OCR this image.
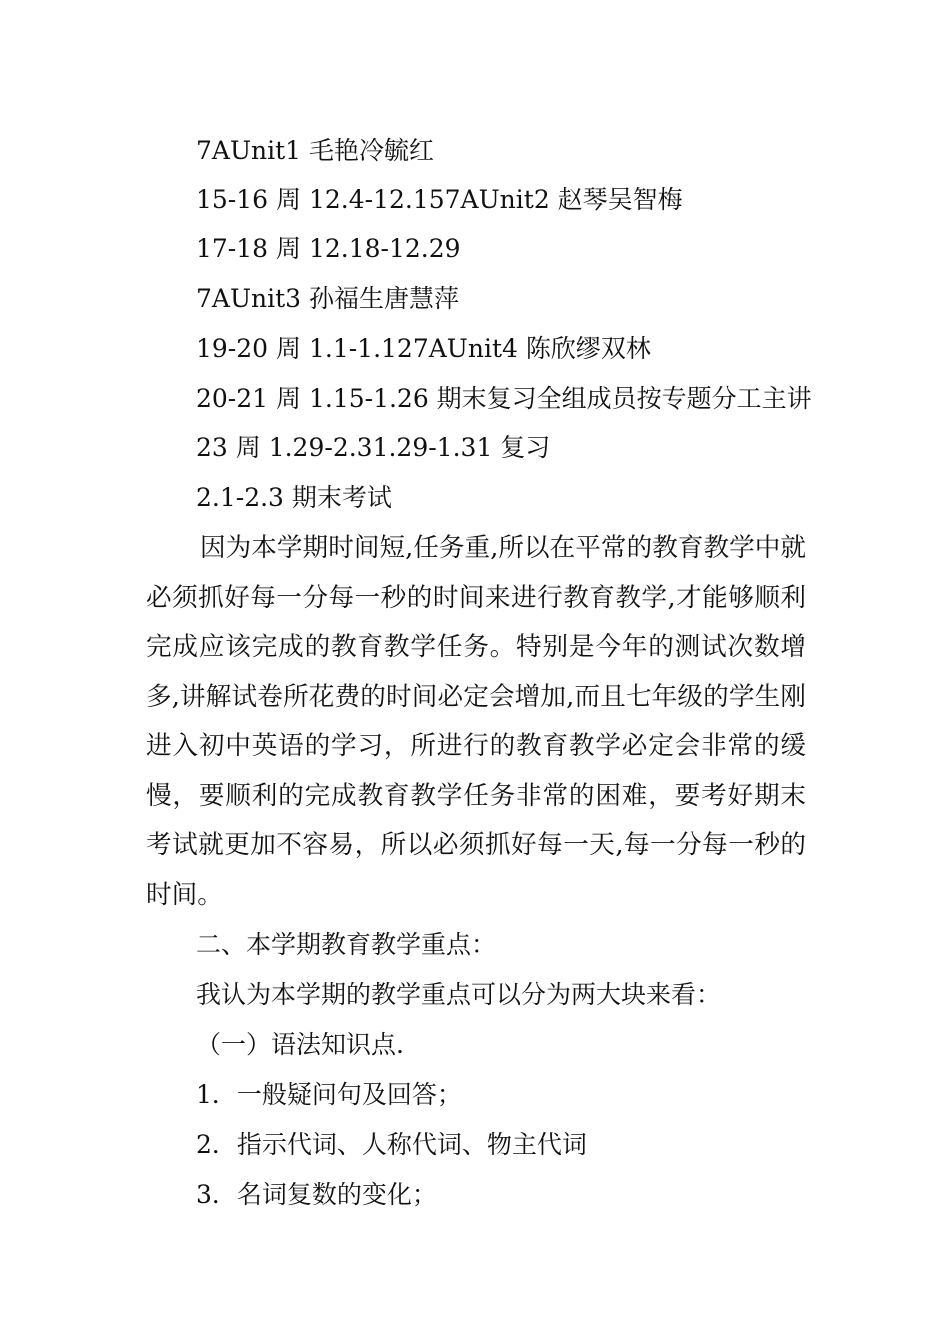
7AUnit1 毛艳冷毓红
15-16 周 12.4-12.157AUnit2 赵琴吴智梅
17-18 周 12.18-12.29
7AUnit3 孙福生唐慧萍
19-20 周 1.1-1.127AUnit4 陈欣缪双林
20-21 周 1.15-1.26 期末复习全组成员按专题分工主讲
23 周 1.29-2.31.29-1.31 复习
2.1-2.3 期末考试

因为本学期时间短,任务重,所以在平常的教育教学中就必须抓好每一分每一秒的时间来进行教育教学,才能够顺利完成应该完成的教育教学任务。特别是今年的测试次数增多,讲解试卷所花费的时间必定会增加,而且七年级的学生刚进入初中英语的学习，所进行的教育教学必定会非常的缓慢，要顺利的完成教育教学任务非常的困难，要考好期末考试就更加不容易，所以必须抓好每一天,每一分每一秒的时间。

二、本学期教育教学重点：
我认为本学期的教学重点可以分为两大块来看：
（一）语法知识点.
1．一般疑问句及回答；
2．指示代词、人称代词、物主代词
3．名词复数的变化；
